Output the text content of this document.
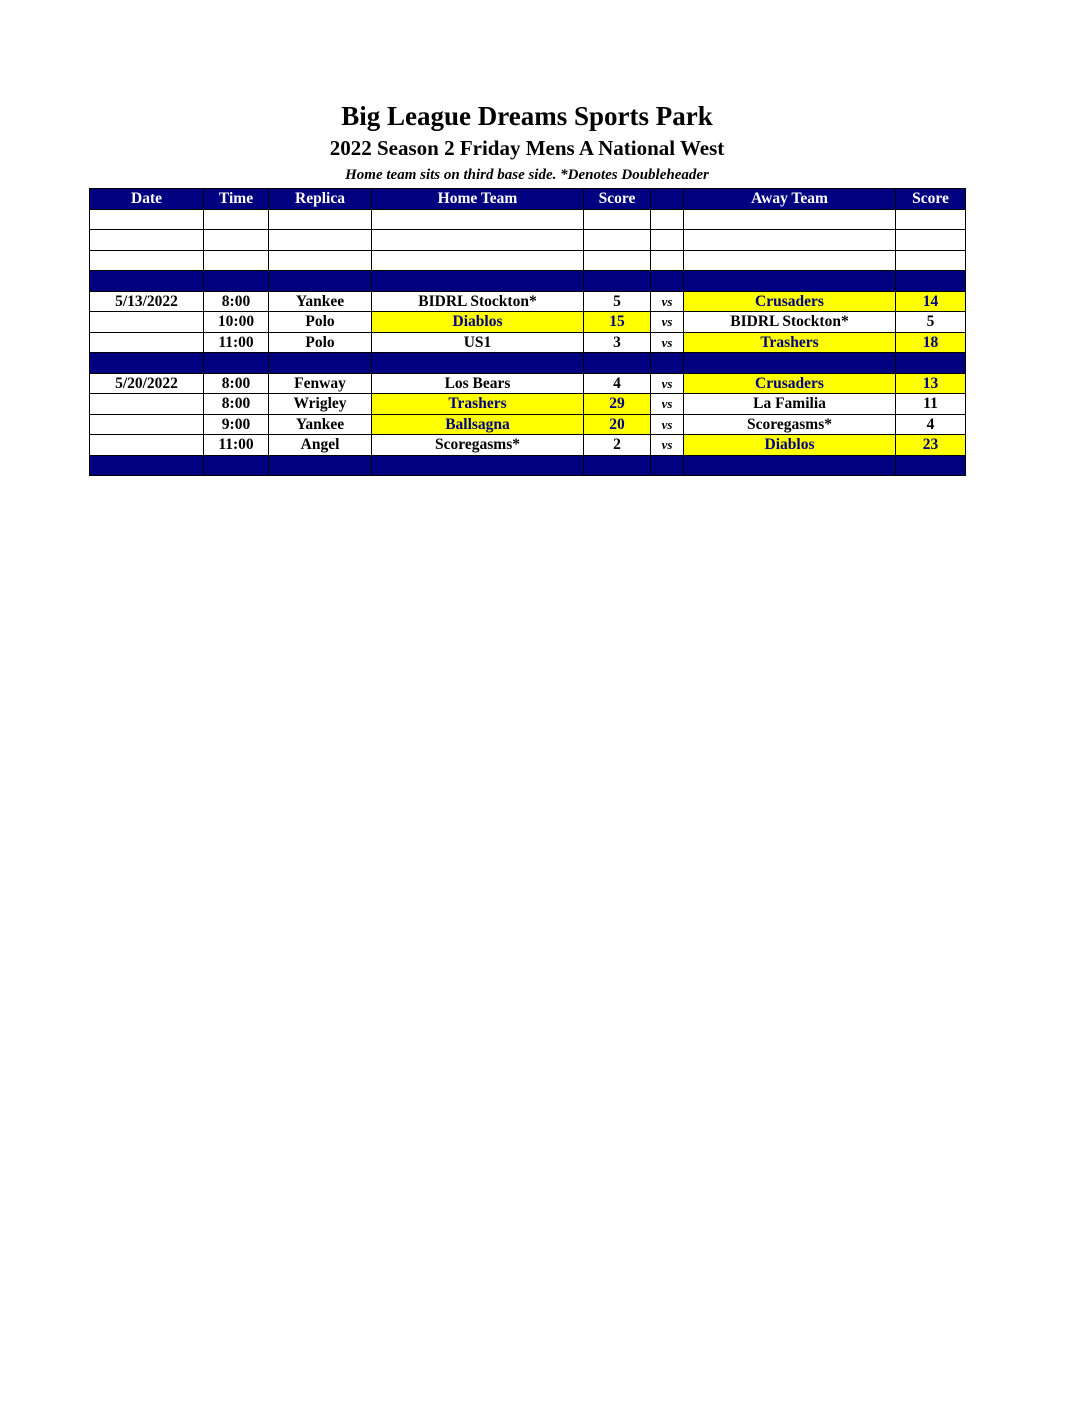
Big League Dreams Sports Park
2022 Season 2 Friday Mens A National West
Home team sits on third base side. *Denotes Doubleheader
Date	Time	Replica	Home Team	Score		Away Team	Score

5/13/2022	8:00	Yankee	BIDRL Stockton*	5	vs	Crusaders	14
	10:00	Polo	Diablos	15	vs	BIDRL Stockton*	5
	11:00	Polo	US1	3	vs	Trashers	18

5/20/2022	8:00	Fenway	Los Bears	4	vs	Crusaders	13
	8:00	Wrigley	Trashers	29	vs	La Familia	11
	9:00	Yankee	Ballsagna	20	vs	Scoregasms*	4
	11:00	Angel	Scoregasms*	2	vs	Diablos	23
